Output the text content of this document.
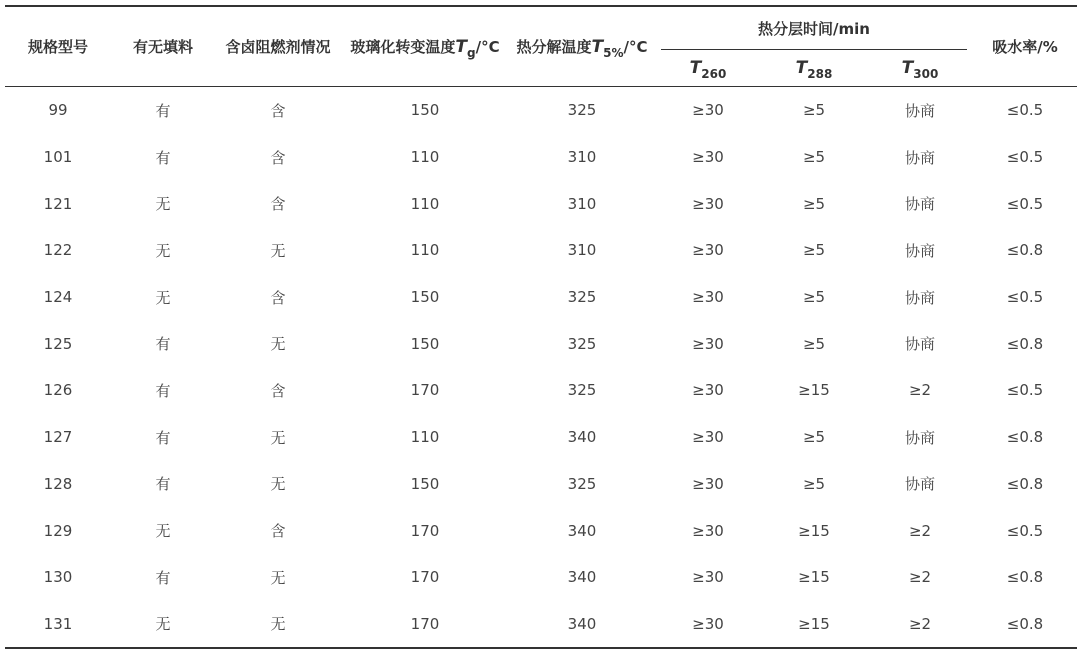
规格型号	有无填料	含卤阻燃剂情况	玻璃化转变温度$T_g/^\circ C$	热分解温度$T_{5\%}/^\circ C$	热分层时间/min			吸水率/%
					$T_{260}$	$T_{288}$	$T_{300}$
99	有	含	150	325	≥30	≥5	协商	≤0.5
101	有	含	110	310	≥30	≥5	协商	≤0.5
121	无	含	110	310	≥30	≥5	协商	≤0.5
122	无	无	110	310	≥30	≥5	协商	≤0.8
124	无	含	150	325	≥30	≥5	协商	≤0.5
125	有	无	150	325	≥30	≥5	协商	≤0.8
126	有	含	170	325	≥30	≥15	≥2	≤0.5
127	有	无	110	340	≥30	≥5	协商	≤0.8
128	有	无	150	325	≥30	≥5	协商	≤0.8
129	无	含	170	340	≥30	≥15	≥2	≤0.5
130	有	无	170	340	≥30	≥15	≥2	≤0.8
131	无	无	170	340	≥30	≥15	≥2	≤0.8
